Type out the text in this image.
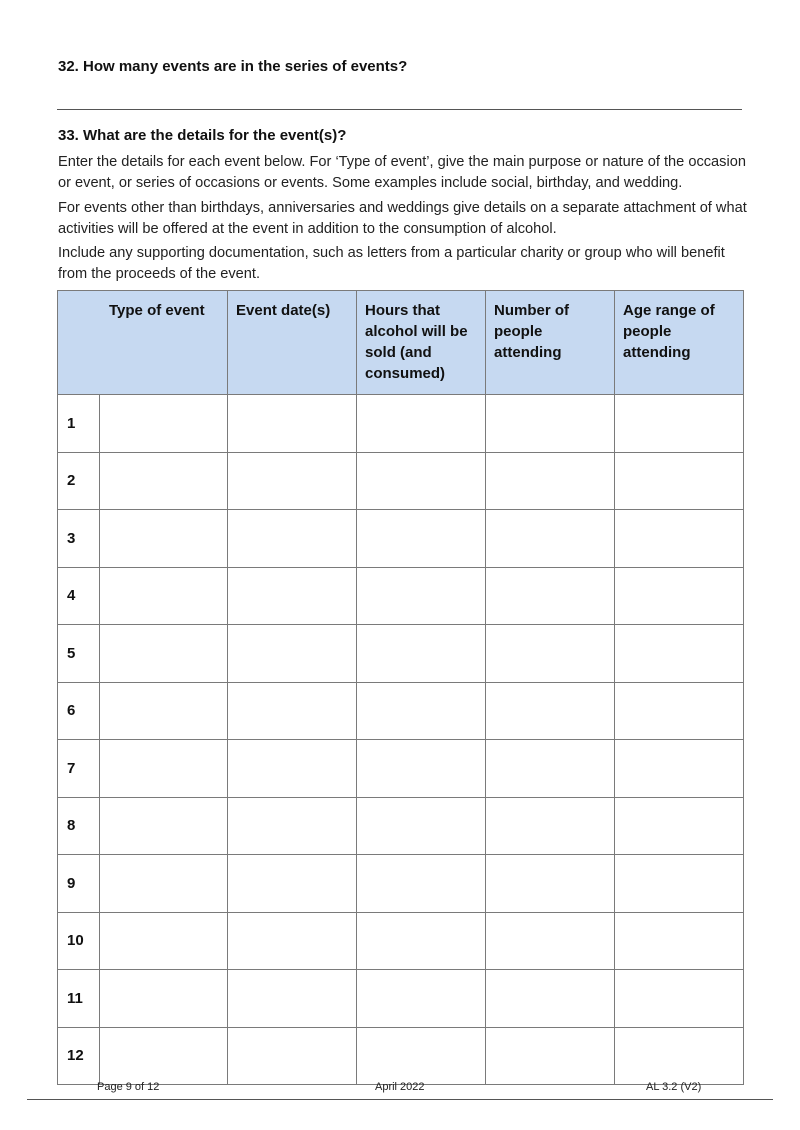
32. How many events are in the series of events?
33. What are the details for the event(s)?
Enter the details for each event below. For ‘Type of event’, give the main purpose or nature of the occasion or event, or series of occasions or events. Some examples include social, birthday, and wedding.
For events other than birthdays, anniversaries and weddings give details on a separate attachment of what activities will be offered at the event in addition to the consumption of alcohol.
Include any supporting documentation, such as letters from a particular charity or group who will benefit from the proceeds of the event.
Type of event		Event date(s)	Hours that alcohol will be sold (and consumed)	Number of people attending	Age range of people attending
1					
2					
3					
4					
5					
6					
7					
8					
9					
10					
11					
12					
Page 9 of 12	April 2022	AL 3.2 (V2)
